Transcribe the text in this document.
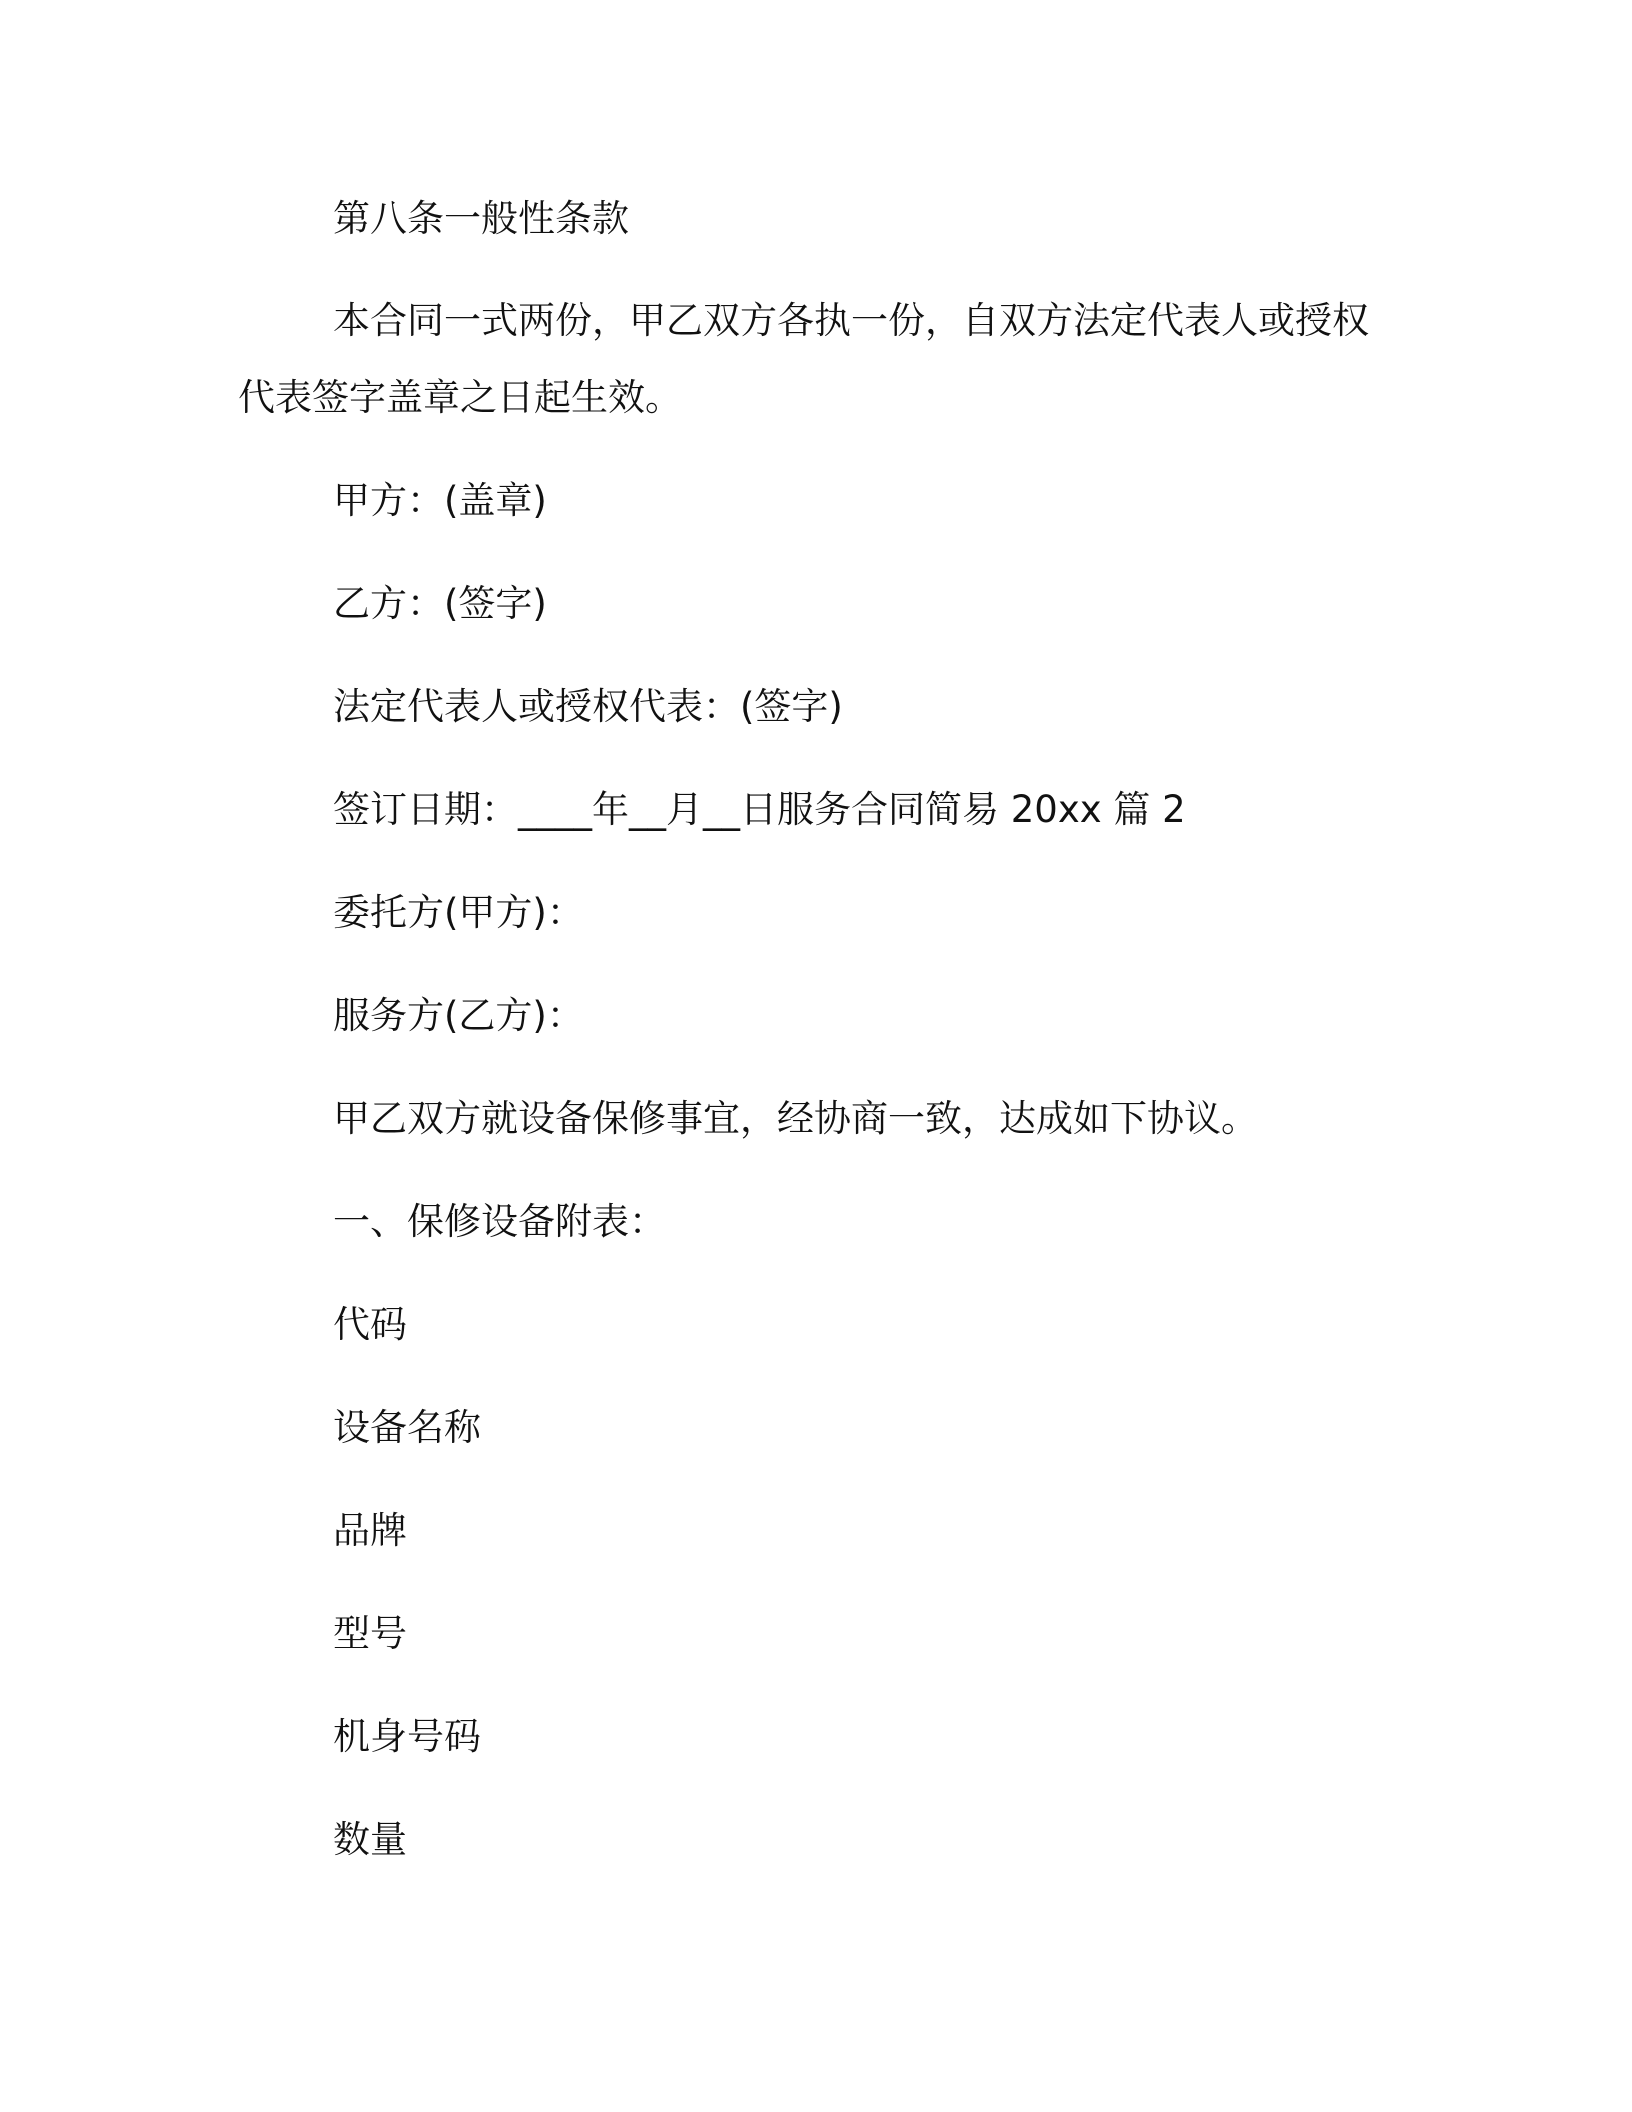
第八条一般性条款
本合同一式两份，甲乙双方各执一份，自双方法定代表人或授权
代表签字盖章之日起生效。
甲方：(盖章)
乙方：(签字)
法定代表人或授权代表：(签字)
签订日期：____年__月__日服务合同简易 20xx 篇 2
委托方(甲方)：
服务方(乙方)：
甲乙双方就设备保修事宜，经协商一致，达成如下协议。
一、保修设备附表：
代码
设备名称
品牌
型号
机身号码
数量
